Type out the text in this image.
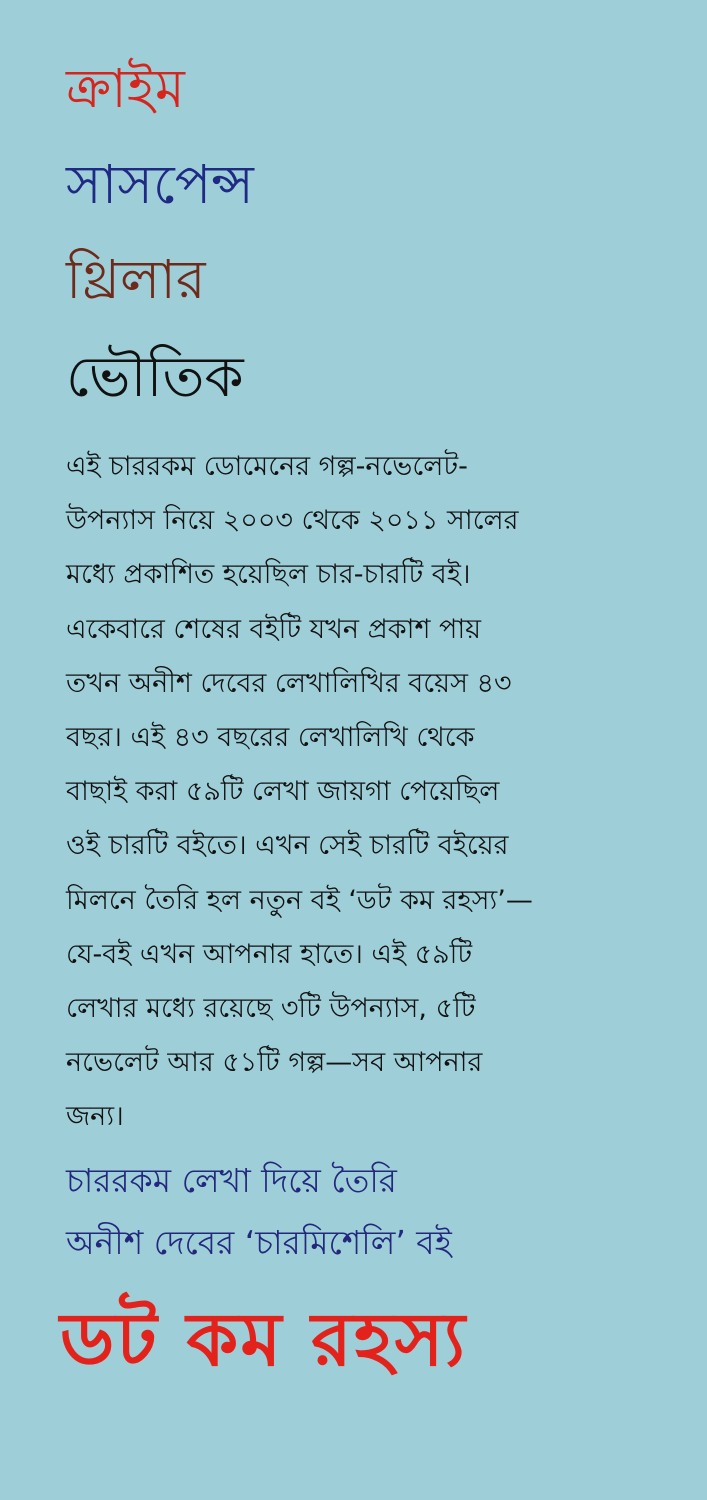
ক্রাইম
সাসপেন্স
থ্রিলার
ভৌতিক
এই চাররকম ডোমেনের গল্প-নভেলেট-
উপন্যাস নিয়ে ২০০৩ থেকে ২০১১ সালের
মধ্যে প্রকাশিত হয়েছিল চার-চারটি বই।
একেবারে শেষের বইটি যখন প্রকাশ পায়
তখন অনীশ দেবের লেখালিখির বয়েস ৪৩
বছর। এই ৪৩ বছরের লেখালিখি থেকে
বাছাই করা ৫৯টি লেখা জায়গা পেয়েছিল
ওই চারটি বইতে। এখন সেই চারটি বইয়ের
মিলনে তৈরি হল নতুন বই ‘ডট কম রহস্য’—
যে-বই এখন আপনার হাতে। এই ৫৯টি
লেখার মধ্যে রয়েছে ৩টি উপন্যাস, ৫টি
নভেলেট আর ৫১টি গল্প—সব আপনার
জন্য।
চাররকম লেখা দিয়ে তৈরি
অনীশ দেবের ‘চারমিশেলি’ বই
ডট কম রহস্য
